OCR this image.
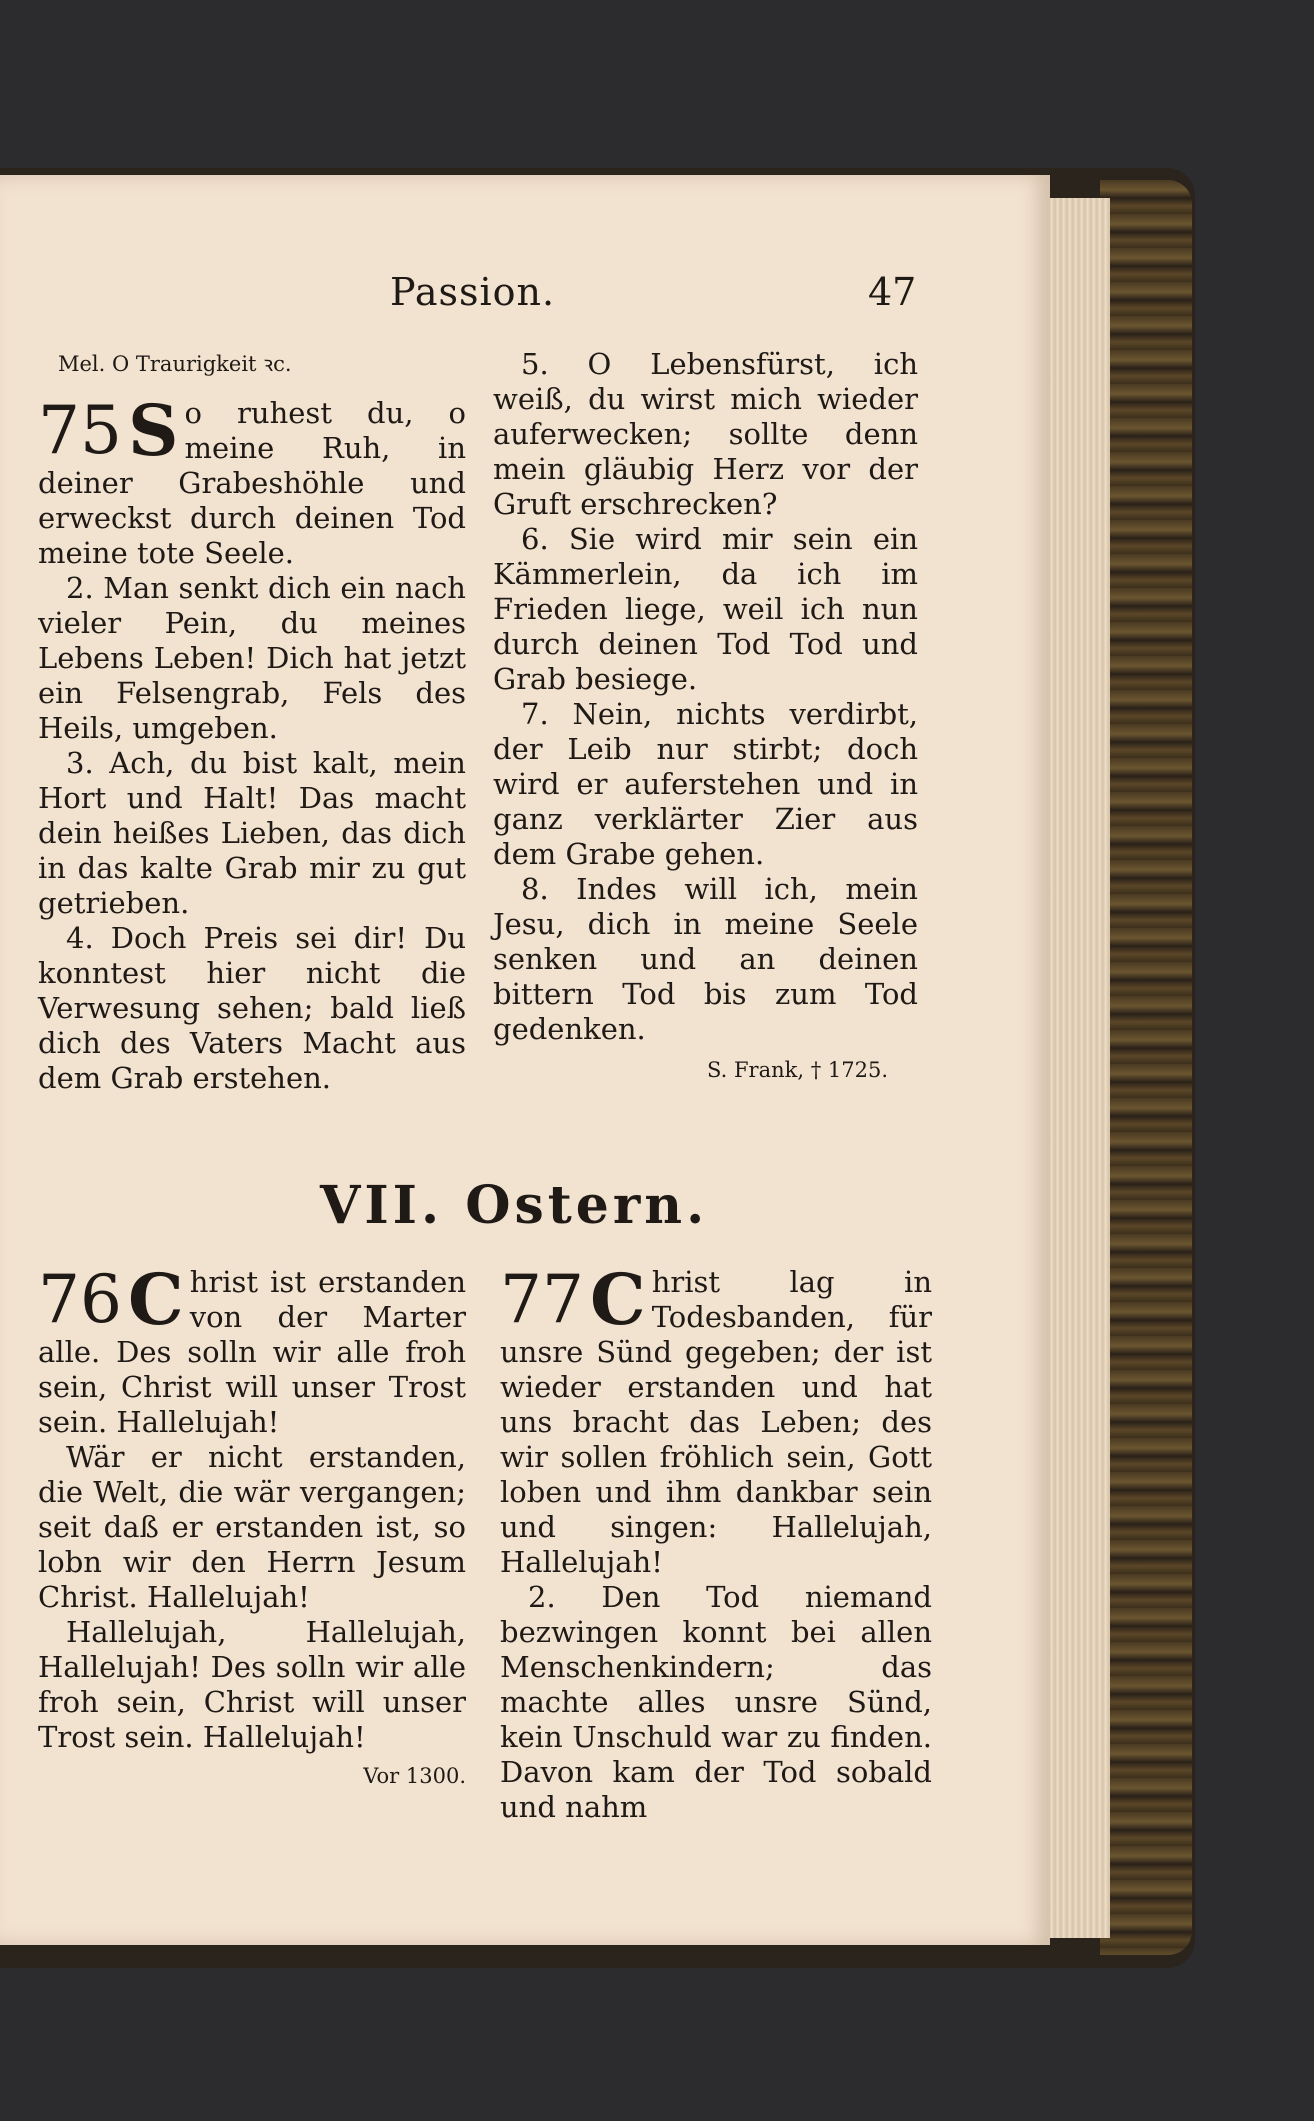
Passion.	47

Mel. O Traurigkeit ꝛc.

75 S o ruhest du, o meine Ruh, in deiner Grabeshöhle und erweckst durch deinen Tod meine tote Seele.

2. Man senkt dich ein nach vieler Pein, du meines Lebens Leben! Dich hat jetzt ein Felsengrab, Fels des Heils, umgeben.

3. Ach, du bist kalt, mein Hort und Halt! Das macht dein heißes Lieben, das dich in das kalte Grab mir zu gut getrieben.

4. Doch Preis sei dir! Du konntest hier nicht die Verwesung sehen; bald ließ dich des Vaters Macht aus dem Grab erstehen.

5. O Lebensfürst, ich weiß, du wirst mich wieder auferwecken; sollte denn mein gläubig Herz vor der Gruft erschrecken?

6. Sie wird mir sein ein Kämmerlein, da ich im Frieden liege, weil ich nun durch deinen Tod Tod und Grab besiege.

7. Nein, nichts verdirbt, der Leib nur stirbt; doch wird er auferstehen und in ganz verklärter Zier aus dem Grabe gehen.

8. Indes will ich, mein Jesu, dich in meine Seele senken und an deinen bittern Tod bis zum Tod gedenken.

S. Frank, † 1725.

VII. Ostern.

76 C hrist ist erstanden von der Marter alle. Des solln wir alle froh sein, Christ will unser Trost sein. Hallelujah!

Wär er nicht erstanden, die Welt, die wär vergangen; seit daß er erstanden ist, so lobn wir den Herrn Jesum Christ. Hallelujah!

Hallelujah, Hallelujah, Hallelujah! Des solln wir alle froh sein, Christ will unser Trost sein. Hallelujah!

Vor 1300.

77 C hrist lag in Todesbanden, für unsre Sünd gegeben; der ist wieder erstanden und hat uns bracht das Leben; des wir sollen fröhlich sein, Gott loben und ihm dankbar sein und singen: Hallelujah, Hallelujah!

2. Den Tod niemand bezwingen konnt bei allen Menschenkindern; das machte alles unsre Sünd, kein Unschuld war zu finden. Davon kam der Tod sobald und nahm
